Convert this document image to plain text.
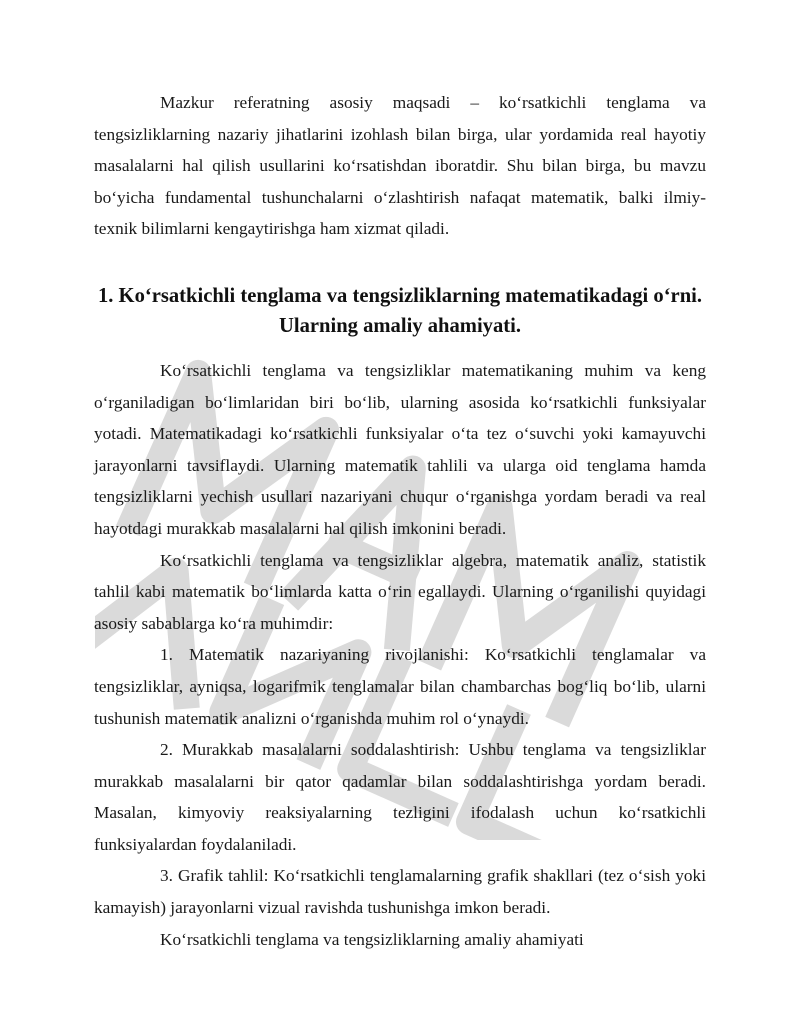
Mazkur referatning asosiy maqsadi – ko‘rsatkichli tenglama va tengsizliklarning nazariy jihatlarini izohlash bilan birga, ular yordamida real hayotiy masalalarni hal qilish usullarini ko‘rsatishdan iboratdir. Shu bilan birga, bu mavzu bo‘yicha fundamental tushunchalarni o‘zlashtirish nafaqat matematik, balki ilmiy-texnik bilimlarni kengaytirishga ham xizmat qiladi.

1. Ko‘rsatkichli tenglama va tengsizliklarning matematikadagi o‘rni. Ularning amaliy ahamiyati.

Ko‘rsatkichli tenglama va tengsizliklar matematikaning muhim va keng o‘rganiladigan bo‘limlaridan biri bo‘lib, ularning asosida ko‘rsatkichli funksiyalar yotadi. Matematikadagi ko‘rsatkichli funksiyalar o‘ta tez o‘suvchi yoki kamayuvchi jarayonlarni tavsiflaydi. Ularning matematik tahlili va ularga oid tenglama hamda tengsizliklarni yechish usullari nazariyani chuqur o‘rganishga yordam beradi va real hayotdagi murakkab masalalarni hal qilish imkonini beradi.

Ko‘rsatkichli tenglama va tengsizliklar algebra, matematik analiz, statistik tahlil kabi matematik bo‘limlarda katta o‘rin egallaydi. Ularning o‘rganilishi quyidagi asosiy sabablarga ko‘ra muhimdir:

1. Matematik nazariyaning rivojlanishi: Ko‘rsatkichli tenglamalar va tengsizliklar, ayniqsa, logarifmik tenglamalar bilan chambarchas bog‘liq bo‘lib, ularni tushunish matematik analizni o‘rganishda muhim rol o‘ynaydi.

2. Murakkab masalalarni soddalashtirish: Ushbu tenglama va tengsizliklar murakkab masalalarni bir qator qadamlar bilan soddalashtirishga yordam beradi. Masalan, kimyoviy reaksiyalarning tezligini ifodalash uchun ko‘rsatkichli funksiyalardan foydalaniladi.

3. Grafik tahlil: Ko‘rsatkichli tenglamalarning grafik shakllari (tez o‘sish yoki kamayish) jarayonlarni vizual ravishda tushunishga imkon beradi.

Ko‘rsatkichli tenglama va tengsizliklarning amaliy ahamiyati
